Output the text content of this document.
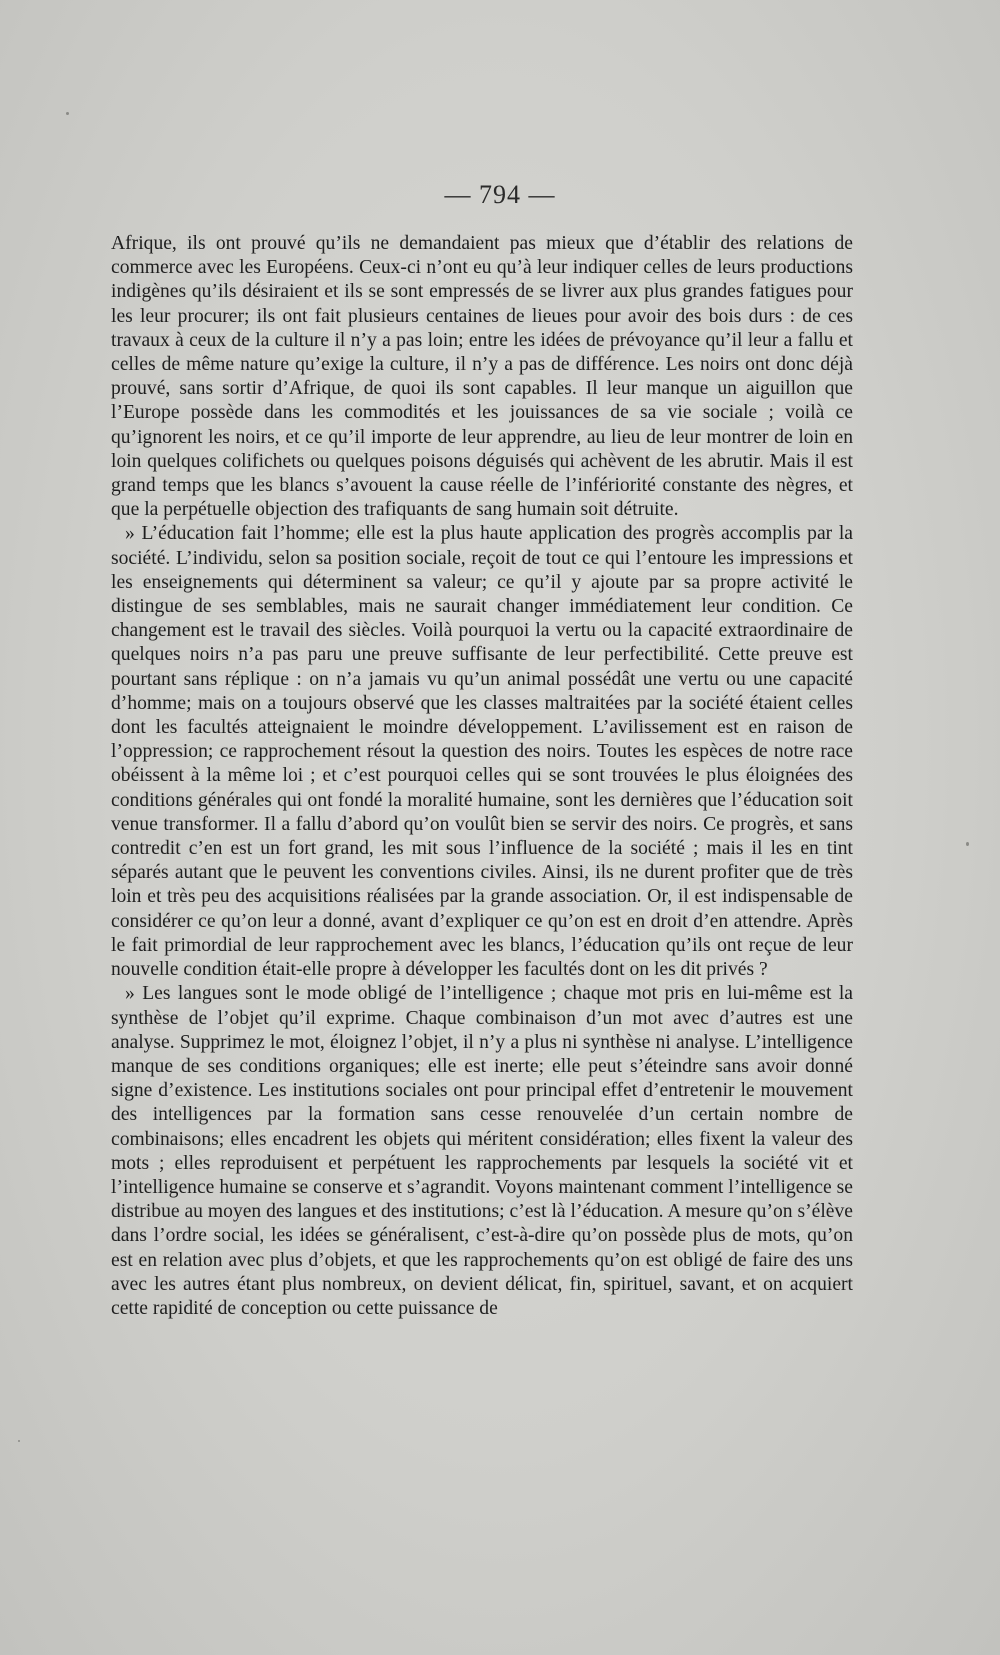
— 794 —

Afrique, ils ont prouvé qu’ils ne demandaient pas mieux que d’établir des relations de commerce avec les Européens. Ceux-ci n’ont eu qu’à leur indiquer celles de leurs productions indigènes qu’ils désiraient et ils se sont empressés de se livrer aux plus grandes fatigues pour les leur procurer; ils ont fait plusieurs centaines de lieues pour avoir des bois durs : de ces travaux à ceux de la culture il n’y a pas loin; entre les idées de prévoyance qu’il leur a fallu et celles de même nature qu’exige la culture, il n’y a pas de différence. Les noirs ont donc déjà prouvé, sans sortir d’Afrique, de quoi ils sont capables. Il leur manque un aiguillon que l’Europe possède dans les commodités et les jouissances de sa vie sociale ; voilà ce qu’ignorent les noirs, et ce qu’il importe de leur apprendre, au lieu de leur montrer de loin en loin quelques colifichets ou quelques poisons déguisés qui achèvent de les abrutir. Mais il est grand temps que les blancs s’avouent la cause réelle de l’infériorité constante des nègres, et que la perpétuelle objection des trafiquants de sang humain soit détruite.

» L’éducation fait l’homme; elle est la plus haute application des progrès accomplis par la société. L’individu, selon sa position sociale, reçoit de tout ce qui l’entoure les impressions et les enseignements qui déterminent sa valeur; ce qu’il y ajoute par sa propre activité le distingue de ses semblables, mais ne saurait changer immédiatement leur condition. Ce changement est le travail des siècles. Voilà pourquoi la vertu ou la capacité extraordinaire de quelques noirs n’a pas paru une preuve suffisante de leur perfectibilité. Cette preuve est pourtant sans réplique : on n’a jamais vu qu’un animal possédât une vertu ou une capacité d’homme; mais on a toujours observé que les classes maltraitées par la société étaient celles dont les facultés atteignaient le moindre développement. L’avilissement est en raison de l’oppression; ce rapprochement résout la question des noirs. Toutes les espèces de notre race obéissent à la même loi ; et c’est pourquoi celles qui se sont trouvées le plus éloignées des conditions générales qui ont fondé la moralité humaine, sont les dernières que l’éducation soit venue transformer. Il a fallu d’abord qu’on voulût bien se servir des noirs. Ce progrès, et sans contredit c’en est un fort grand, les mit sous l’influence de la société ; mais il les en tint séparés autant que le peuvent les conventions civiles. Ainsi, ils ne durent profiter que de très loin et très peu des acquisitions réalisées par la grande association. Or, il est indispensable de considérer ce qu’on leur a donné, avant d’expliquer ce qu’on est en droit d’en attendre. Après le fait primordial de leur rapprochement avec les blancs, l’éducation qu’ils ont reçue de leur nouvelle condition était-elle propre à développer les facultés dont on les dit privés ?

» Les langues sont le mode obligé de l’intelligence ; chaque mot pris en lui-même est la synthèse de l’objet qu’il exprime. Chaque combinaison d’un mot avec d’autres est une analyse. Supprimez le mot, éloignez l’objet, il n’y a plus ni synthèse ni analyse. L’intelligence manque de ses conditions organiques; elle est inerte; elle peut s’éteindre sans avoir donné signe d’existence. Les institutions sociales ont pour principal effet d’entretenir le mouvement des intelligences par la formation sans cesse renouvelée d’un certain nombre de combinaisons; elles encadrent les objets qui méritent considération; elles fixent la valeur des mots ; elles reproduisent et perpétuent les rapprochements par lesquels la société vit et l’intelligence humaine se conserve et s’agrandit. Voyons maintenant comment l’intelligence se distribue au moyen des langues et des institutions; c’est là l’éducation. A mesure qu’on s’élève dans l’ordre social, les idées se généralisent, c’est-à-dire qu’on possède plus de mots, qu’on est en relation avec plus d’objets, et que les rapprochements qu’on est obligé de faire des uns avec les autres étant plus nombreux, on devient délicat, fin, spirituel, savant, et on acquiert cette rapidité de conception ou cette puissance de
